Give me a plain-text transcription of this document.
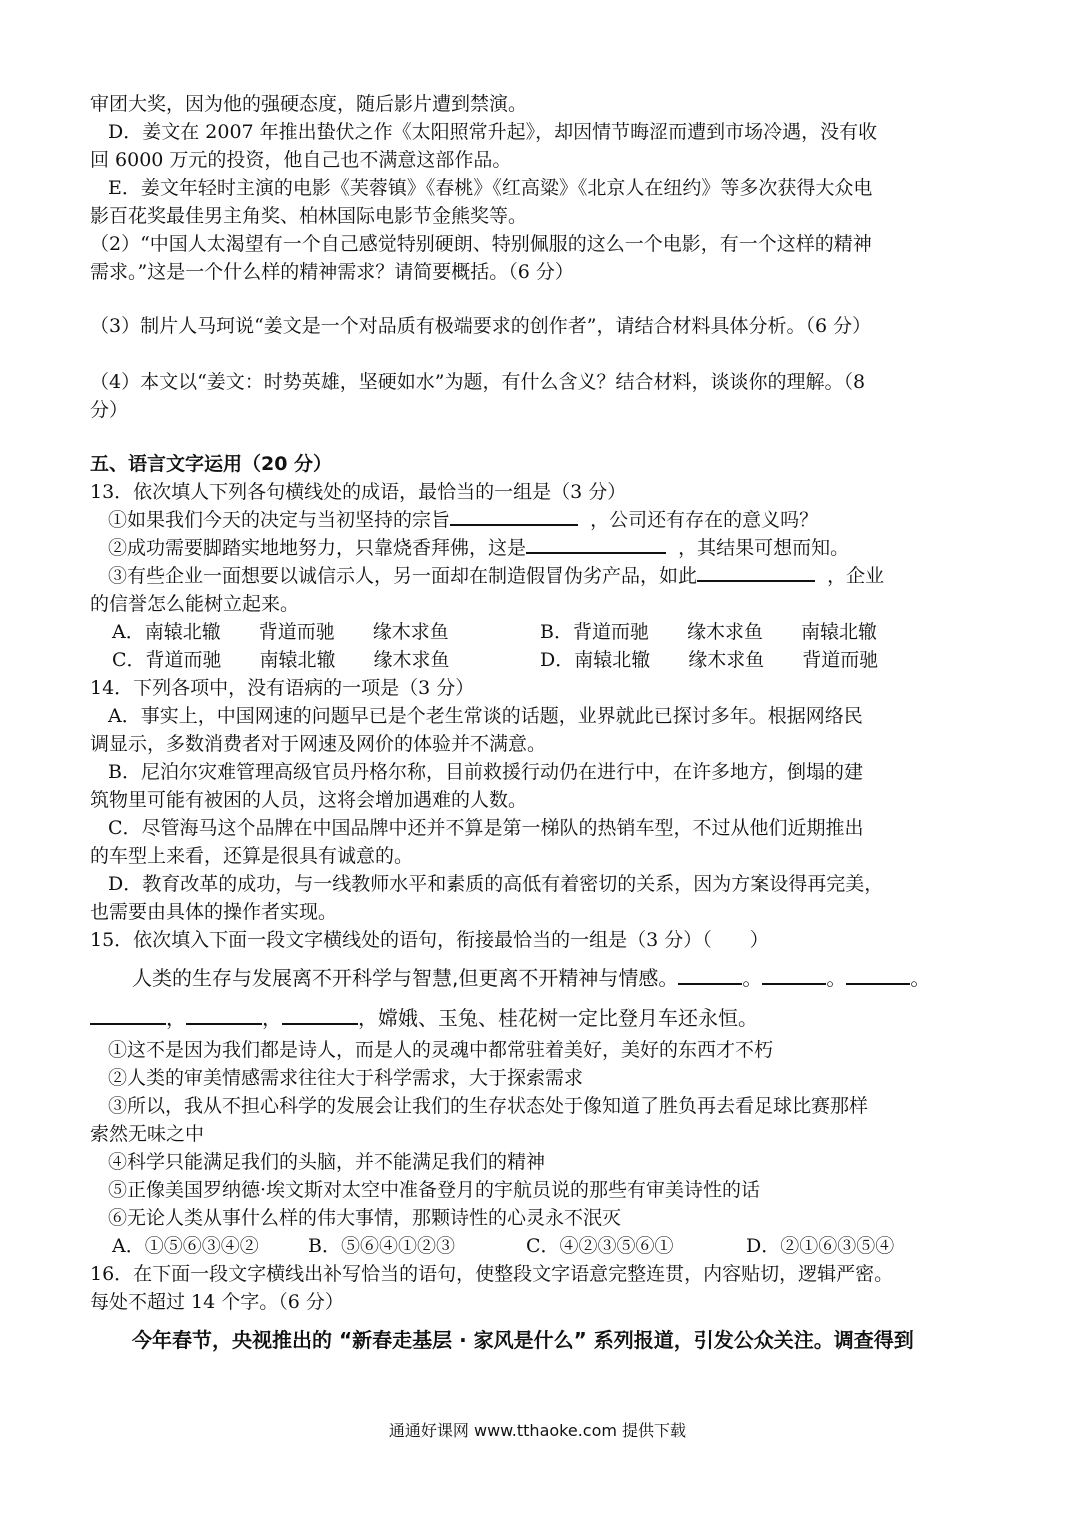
审团大奖，因为他的强硬态度，随后影片遭到禁演。
D．姜文在 2007 年推出蛰伏之作《太阳照常升起》，却因情节晦涩而遭到市场冷遇，没有收
回 6000 万元的投资，他自己也不满意这部作品。
E．姜文年轻时主演的电影《芙蓉镇》《春桃》《红高粱》《北京人在纽约》等多次获得大众电
影百花奖最佳男主角奖、柏林国际电影节金熊奖等。
（2）“中国人太渴望有一个自己感觉特别硬朗、特别佩服的这么一个电影，有一个这样的精神
需求。”这是一个什么样的精神需求？请简要概括。（6 分）
（3）制片人马珂说“姜文是一个对品质有极端要求的创作者”，请结合材料具体分析。（6 分）
（4）本文以“姜文：时势英雄，坚硬如水”为题，有什么含义？结合材料，谈谈你的理解。（8
分）
五、语言文字运用（20 分）
13．依次填人下列各句横线处的成语，最恰当的一组是（3 分）
①如果我们今天的决定与当初坚持的宗旨	，公司还有存在的意义吗？
②成功需要脚踏实地地努力，只靠烧香拜佛，这是	，其结果可想而知。
③有些企业一面想要以诚信示人，另一面却在制造假冒伪劣产品，如此	，企业
的信誉怎么能树立起来。
A．南辕北辙　　背道而驰　　缘木求鱼	B．背道而驰　　缘木求鱼　　南辕北辙
C．背道而驰　　南辕北辙　　缘木求鱼	D．南辕北辙　　缘木求鱼　　背道而驰
14．下列各项中，没有语病的一项是（3 分）
A．事实上，中国网速的问题早已是个老生常谈的话题，业界就此已探讨多年。根据网络民
调显示，多数消费者对于网速及网价的体验并不满意。
B．尼泊尔灾难管理高级官员丹格尔称，目前救援行动仍在进行中，在许多地方，倒塌的建
筑物里可能有被困的人员，这将会增加遇难的人数。
C．尽管海马这个品牌在中国品牌中还并不算是第一梯队的热销车型，不过从他们近期推出
的车型上来看，还算是很具有诚意的。
D．教育改革的成功，与一线教师水平和素质的高低有着密切的关系，因为方案设得再完美，
也需要由具体的操作者实现。
15．依次填入下面一段文字横线处的语句，衔接最恰当的一组是（3 分）（　　）
人类的生存与发展离不开科学与智慧,但更离不开精神与情感。	。	。	。
，	，	，嫦娥、玉兔、桂花树一定比登月车还永恒。
①这不是因为我们都是诗人，而是人的灵魂中都常驻着美好，美好的东西才不朽
②人类的审美情感需求往往大于科学需求，大于探索需求
③所以，我从不担心科学的发展会让我们的生存状态处于像知道了胜负再去看足球比赛那样
索然无味之中
④科学只能满足我们的头脑，并不能满足我们的精神
⑤正像美国罗纳德·埃文斯对太空中准备登月的宇航员说的那些有审美诗性的话
⑥无论人类从事什么样的伟大事情，那颗诗性的心灵永不泯灭
A．①⑤⑥③④②	B．⑤⑥④①②③	C．④②③⑤⑥①	D．②①⑥③⑤④
16．在下面一段文字横线出补写恰当的语句，使整段文字语意完整连贯，内容贴切，逻辑严密。
每处不超过 14 个字。（6 分）
今年春节，央视推出的 “新春走基层 · 家风是什么” 系列报道，引发公众关注。调查得到
通通好课网 www.tthaoke.com 提供下载
